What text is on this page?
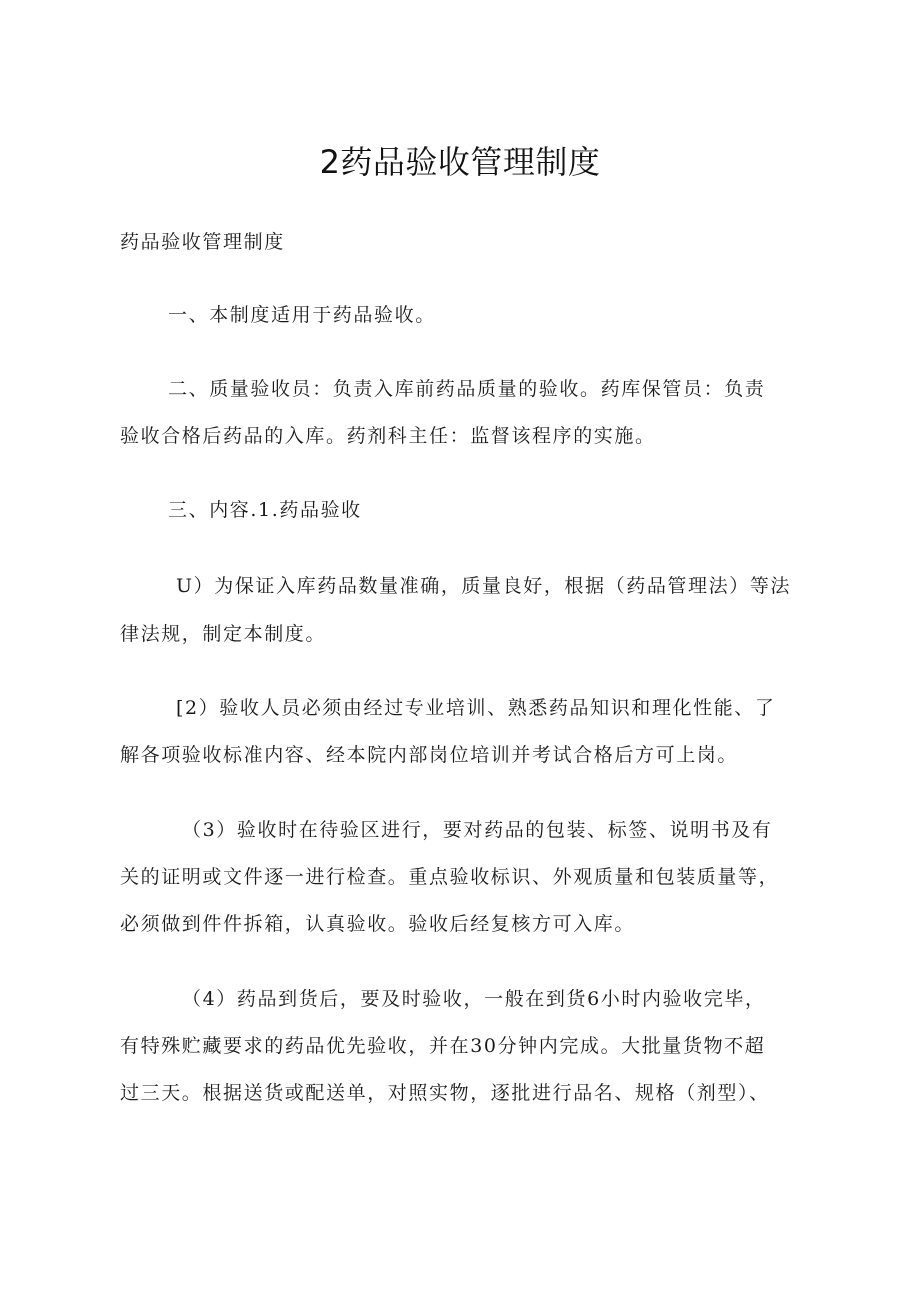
2药品验收管理制度
药品验收管理制度
一、本制度适用于药品验收。
二、质量验收员：负责入库前药品质量的验收。药库保管员：负责
验收合格后药品的入库。药剂科主任：监督该程序的实施。
三、内容.1.药品验收
U）为保证入库药品数量准确，质量良好，根据（药品管理法）等法
律法规，制定本制度。
[2）验收人员必须由经过专业培训、熟悉药品知识和理化性能、了
解各项验收标准内容、经本院内部岗位培训并考试合格后方可上岗。
（3）验收时在待验区进行，要对药品的包装、标签、说明书及有
关的证明或文件逐一进行检查。重点验收标识、外观质量和包装质量等，
必须做到件件拆箱，认真验收。验收后经复核方可入库。
（4）药品到货后，要及时验收，一般在到货6小时内验收完毕，
有特殊贮藏要求的药品优先验收，并在30分钟内完成。大批量货物不超
过三天。根据送货或配送单，对照实物，逐批进行品名、规格（剂型）、
